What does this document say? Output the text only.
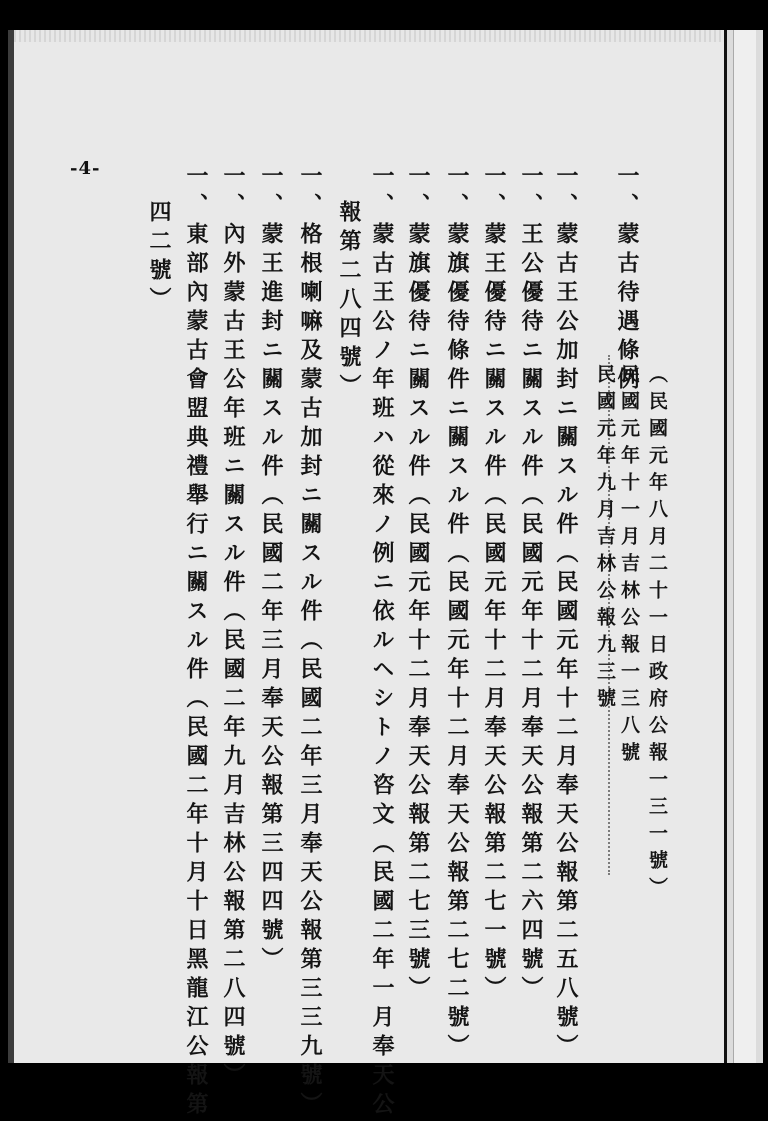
-4-	一、蒙古待遇條例
（民國元年八月二十一日政府公報一三一號）
民國元年十一月吉林公報一三八號
民國元年九月吉林公報九三號
一、蒙古王公加封ニ關スル件（民國元年十二月奉天公報第二五八號）
一、王公優待ニ關スル件（民國元年十二月奉天公報第二六四號）
一、蒙王優待ニ關スル件（民國元年十二月奉天公報第二七一號）
一、蒙旗優待條件ニ關スル件（民國元年十二月奉天公報第二七二號）
一、蒙旗優待ニ關スル件（民國元年十二月奉天公報第二七三號）
一、蒙古王公ノ年班ハ從來ノ例ニ依ルヘシトノ咨文（民國二年一月奉天公
報第二八四號）
一、格根喇嘛及蒙古加封ニ關スル件（民國二年三月奉天公報第三三九號）
一、蒙王進封ニ關スル件（民國二年三月奉天公報第三四四號）
一、內外蒙古王公年班ニ關スル件（民國二年九月吉林公報第二八四號）
一、東部內蒙古會盟典禮舉行ニ關スル件（民國二年十月十日黑龍江公報第
四二號）
